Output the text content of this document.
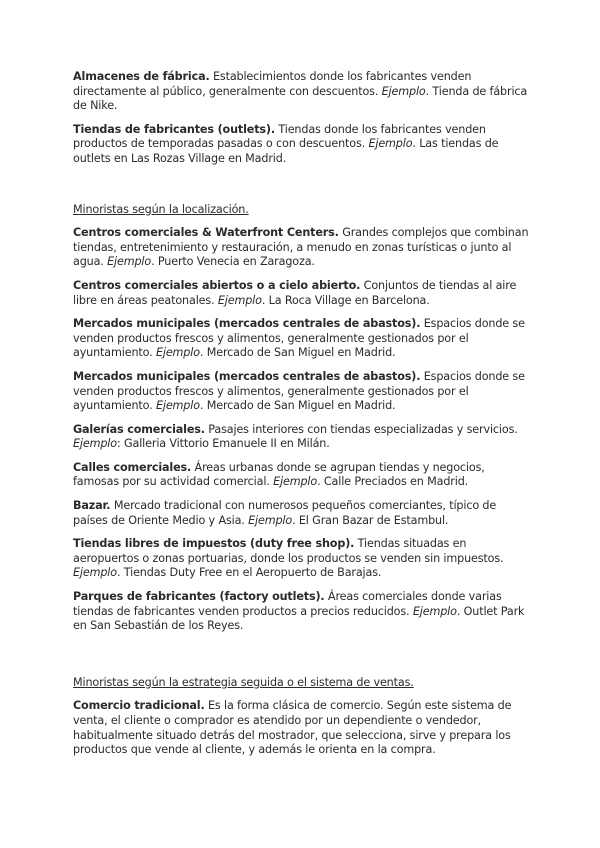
Almacenes de fábrica. Establecimientos donde los fabricantes venden directamente al público, generalmente con descuentos. Ejemplo. Tienda de fábrica de Nike.

Tiendas de fabricantes (outlets). Tiendas donde los fabricantes venden productos de temporadas pasadas o con descuentos. Ejemplo. Las tiendas de outlets en Las Rozas Village en Madrid.

Minoristas según la localización.

Centros comerciales & Waterfront Centers. Grandes complejos que combinan tiendas, entretenimiento y restauración, a menudo en zonas turísticas o junto al agua. Ejemplo. Puerto Venecia en Zaragoza.

Centros comerciales abiertos o a cielo abierto. Conjuntos de tiendas al aire libre en áreas peatonales. Ejemplo. La Roca Village en Barcelona.

Mercados municipales (mercados centrales de abastos). Espacios donde se venden productos frescos y alimentos, generalmente gestionados por el ayuntamiento. Ejemplo. Mercado de San Miguel en Madrid.

Mercados municipales (mercados centrales de abastos). Espacios donde se venden productos frescos y alimentos, generalmente gestionados por el ayuntamiento. Ejemplo. Mercado de San Miguel en Madrid.

Galerías comerciales. Pasajes interiores con tiendas especializadas y servicios. Ejemplo: Galleria Vittorio Emanuele II en Milán.

Calles comerciales. Áreas urbanas donde se agrupan tiendas y negocios, famosas por su actividad comercial. Ejemplo. Calle Preciados en Madrid.

Bazar. Mercado tradicional con numerosos pequeños comerciantes, típico de países de Oriente Medio y Asia. Ejemplo. El Gran Bazar de Estambul.

Tiendas libres de impuestos (duty free shop). Tiendas situadas en aeropuertos o zonas portuarias, donde los productos se venden sin impuestos. Ejemplo. Tiendas Duty Free en el Aeropuerto de Barajas.

Parques de fabricantes (factory outlets). Áreas comerciales donde varias tiendas de fabricantes venden productos a precios reducidos. Ejemplo. Outlet Park en San Sebastián de los Reyes.

Minoristas según la estrategia seguida o el sistema de ventas.

Comercio tradicional. Es la forma clásica de comercio. Según este sistema de venta, el cliente o comprador es atendido por un dependiente o vendedor, habitualmente situado detrás del mostrador, que selecciona, sirve y prepara los productos que vende al cliente, y además le orienta en la compra.
